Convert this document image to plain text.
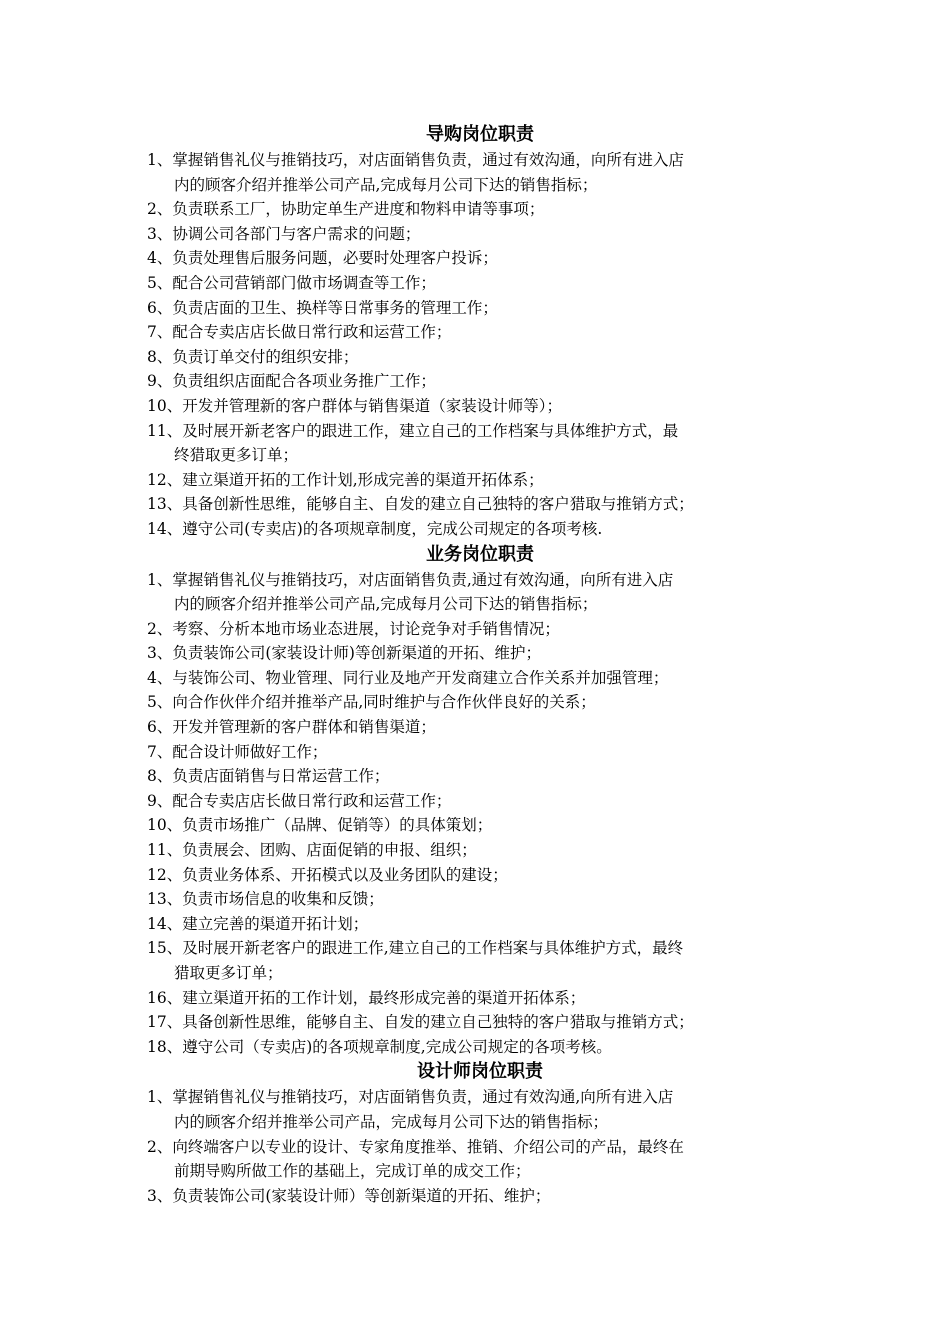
导购岗位职责

1、掌握销售礼仪与推销技巧，对店面销售负责，通过有效沟通，向所有进入店
内的顾客介绍并推举公司产品,完成每月公司下达的销售指标；

2、负责联系工厂，协助定单生产进度和物料申请等事项；

3、协调公司各部门与客户需求的问题；

4、负责处理售后服务问题，必要时处理客户投诉；

5、配合公司营销部门做市场调查等工作；

6、负责店面的卫生、换样等日常事务的管理工作；

7、配合专卖店店长做日常行政和运营工作；

8、负责订单交付的组织安排；

9、负责组织店面配合各项业务推广工作；

10、开发并管理新的客户群体与销售渠道（家装设计师等）；

11、及时展开新老客户的跟进工作，建立自己的工作档案与具体维护方式，最
终猎取更多订单；

12、建立渠道开拓的工作计划,形成完善的渠道开拓体系；

13、具备创新性思维，能够自主、自发的建立自己独特的客户猎取与推销方式；

14、遵守公司(专卖店)的各项规章制度，完成公司规定的各项考核.

业务岗位职责

1、掌握销售礼仪与推销技巧，对店面销售负责,通过有效沟通，向所有进入店
内的顾客介绍并推举公司产品,完成每月公司下达的销售指标；

2、考察、分析本地市场业态进展，讨论竞争对手销售情况；

3、负责装饰公司(家装设计师)等创新渠道的开拓、维护；

4、与装饰公司、物业管理、同行业及地产开发商建立合作关系并加强管理；

5、向合作伙伴介绍并推举产品,同时维护与合作伙伴良好的关系；

6、开发并管理新的客户群体和销售渠道；

7、配合设计师做好工作；

8、负责店面销售与日常运营工作；

9、配合专卖店店长做日常行政和运营工作；

10、负责市场推广（品牌、促销等）的具体策划；

11、负责展会、团购、店面促销的申报、组织；

12、负责业务体系、开拓模式以及业务团队的建设；

13、负责市场信息的收集和反馈；

14、建立完善的渠道开拓计划；

15、及时展开新老客户的跟进工作,建立自己的工作档案与具体维护方式，最终
猎取更多订单；

16、建立渠道开拓的工作计划，最终形成完善的渠道开拓体系；

17、具备创新性思维，能够自主、自发的建立自己独特的客户猎取与推销方式；

18、遵守公司（专卖店)的各项规章制度,完成公司规定的各项考核。

设计师岗位职责

1、掌握销售礼仪与推销技巧，对店面销售负责，通过有效沟通,向所有进入店
内的顾客介绍并推举公司产品，完成每月公司下达的销售指标；

2、向终端客户以专业的设计、专家角度推举、推销、介绍公司的产品，最终在
前期导购所做工作的基础上，完成订单的成交工作；

3、负责装饰公司(家装设计师）等创新渠道的开拓、维护；
